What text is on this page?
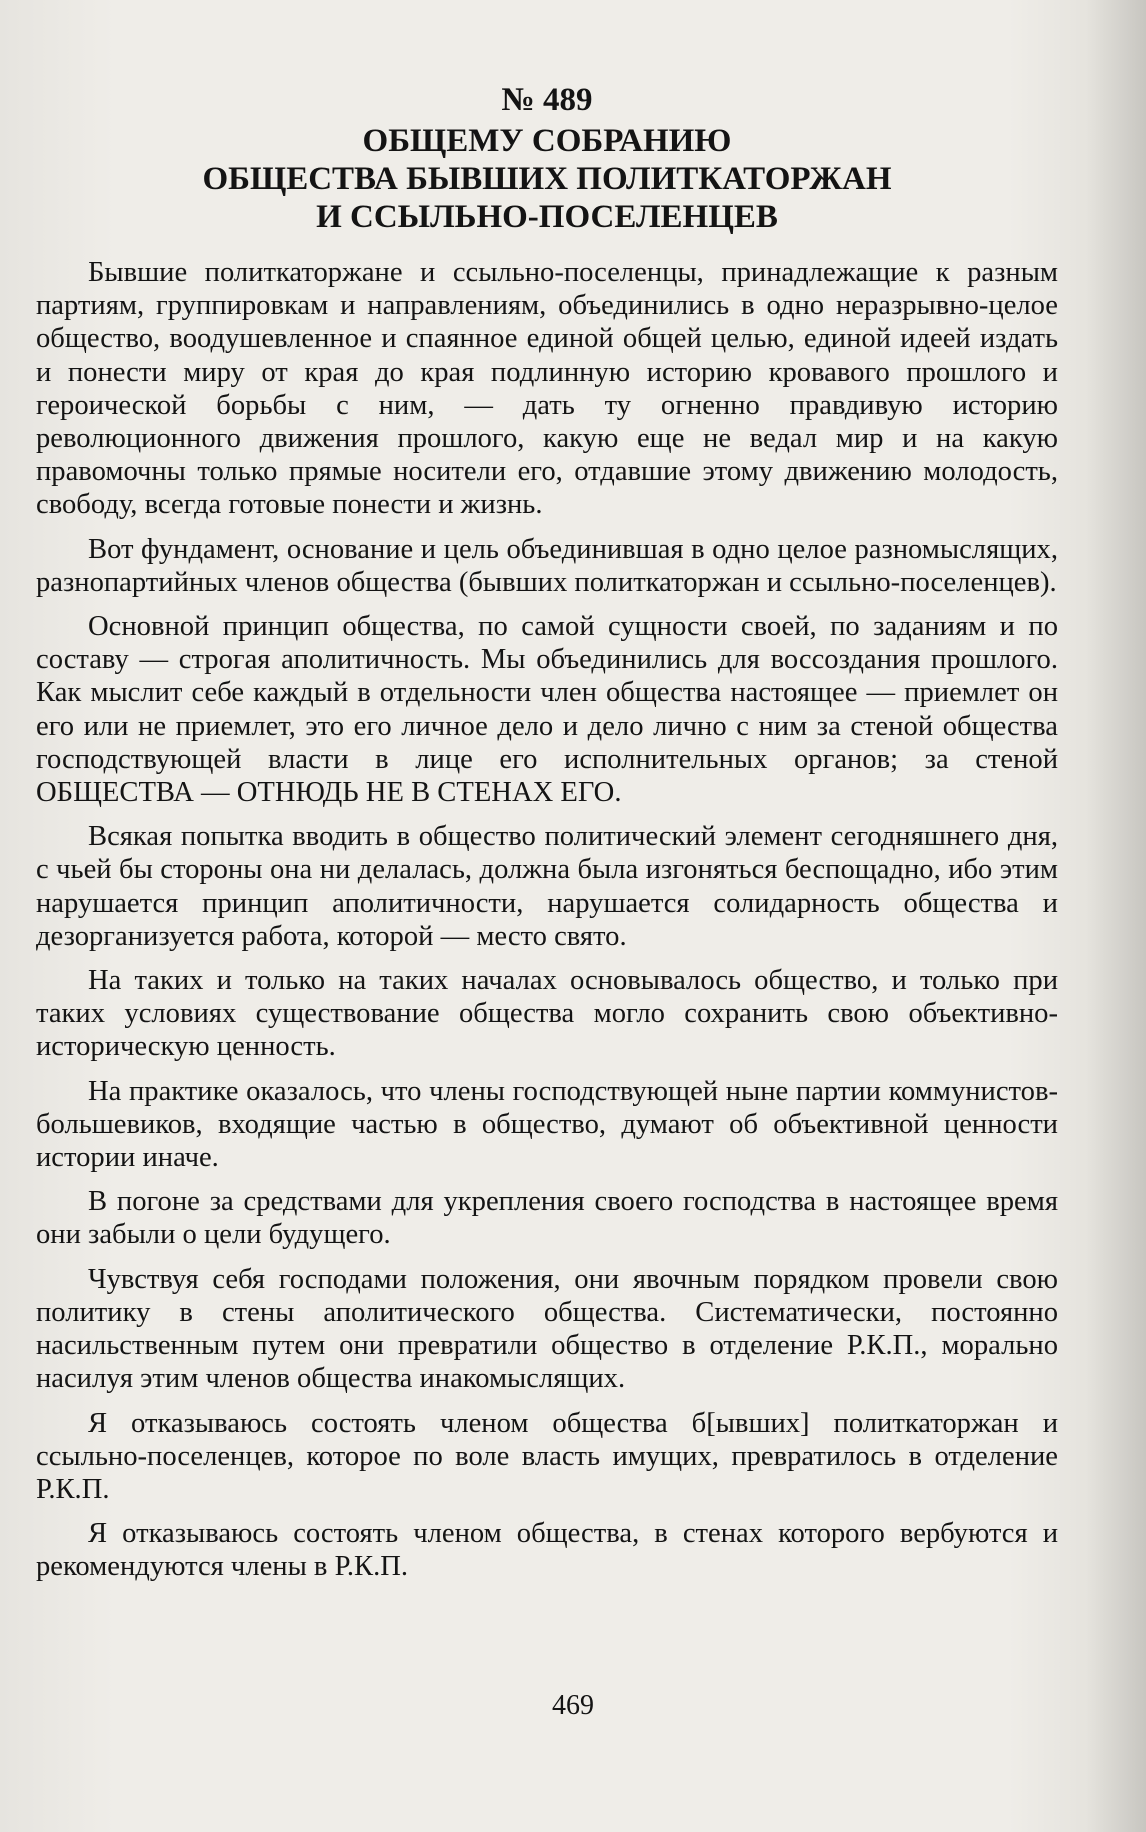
№ 489
ОБЩЕМУ СОБРАНИЮ
ОБЩЕСТВА БЫВШИХ ПОЛИТКАТОРЖАН
И ССЫЛЬНО-ПОСЕЛЕНЦЕВ

Бывшие политкаторжане и ссыльно-поселенцы, принадлежащие к разным партиям, группировкам и направлениям, объединились в одно неразрывно-целое общество, воодушевленное и спаянное единой общей целью, единой идеей издать и понести миру от края до края подлинную историю кровавого прошлого и героической борьбы с ним, — дать ту огненно правдивую историю революционного движения прошлого, какую еще не ведал мир и на какую правомочны только прямые носители его, отдавшие этому движению молодость, свободу, всегда готовые понести и жизнь.

Вот фундамент, основание и цель объединившая в одно целое разномыслящих, разнопартийных членов общества (бывших политкаторжан и ссыльно-поселенцев).

Основной принцип общества, по самой сущности своей, по заданиям и по составу — строгая аполитичность. Мы объединились для воссоздания прошлого. Как мыслит себе каждый в отдельности член общества настоящее — приемлет он его или не приемлет, это его личное дело и дело лично с ним за стеной общества господствующей власти в лице его исполнительных органов; за стеной ОБЩЕСТВА — ОТНЮДЬ НЕ В СТЕНАХ ЕГО.

Всякая попытка вводить в общество политический элемент сегодняшнего дня, с чьей бы стороны она ни делалась, должна была изгоняться беспощадно, ибо этим нарушается принцип аполитичности, нарушается солидарность общества и дезорганизуется работа, которой — место свято.

На таких и только на таких началах основывалось общество, и только при таких условиях существование общества могло сохранить свою объективно-историческую ценность.

На практике оказалось, что члены господствующей ныне партии коммунистов-большевиков, входящие частью в общество, думают об объективной ценности истории иначе.

В погоне за средствами для укрепления своего господства в настоящее время они забыли о цели будущего.

Чувствуя себя господами положения, они явочным порядком провели свою политику в стены аполитического общества. Систематически, постоянно насильственным путем они превратили общество в отделение Р.К.П., морально насилуя этим членов общества инакомыслящих.

Я отказываюсь состоять членом общества б[ывших] политкаторжан и ссыльно-поселенцев, которое по воле власть имущих, превратилось в отделение Р.К.П.

Я отказываюсь состоять членом общества, в стенах которого вербуются и рекомендуются члены в Р.К.П.

469
